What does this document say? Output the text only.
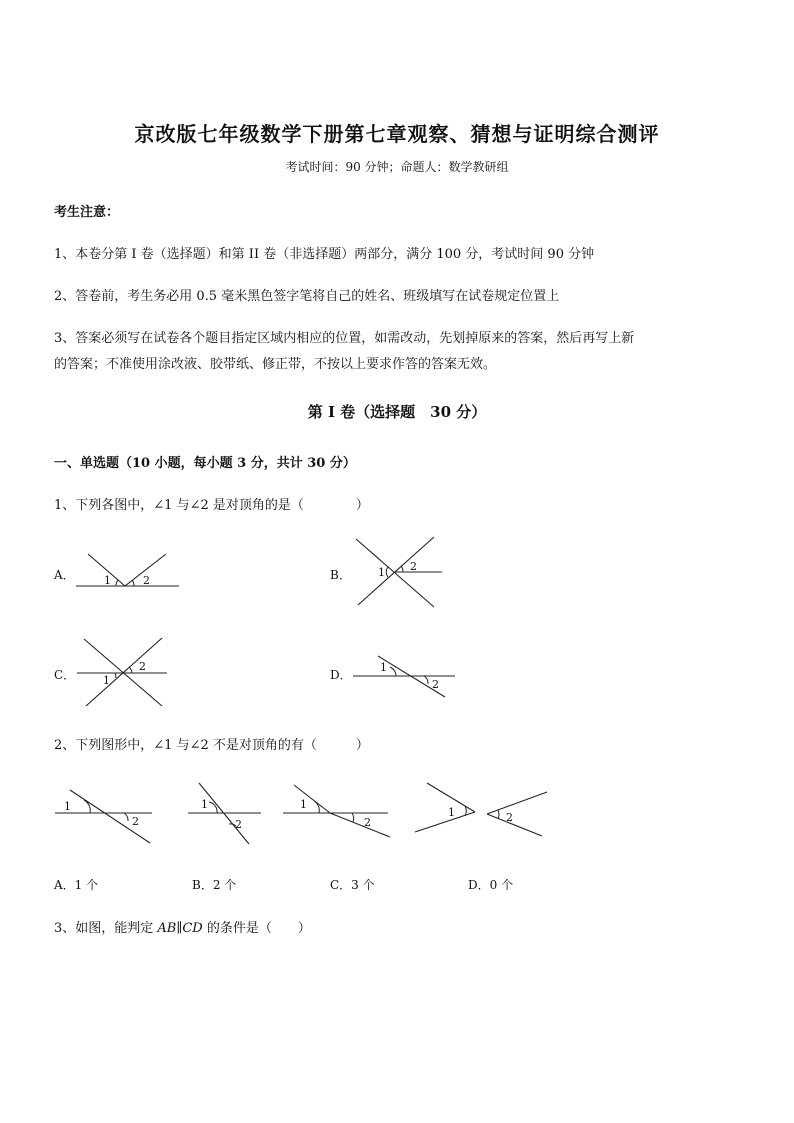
京改版七年级数学下册第七章观察、猜想与证明综合测评
考试时间：90 分钟；命题人：数学教研组
考生注意：
1、本卷分第 I 卷（选择题）和第 II 卷（非选择题）两部分，满分 100 分，考试时间 90 分钟
2、答卷前，考生务必用 0.5 毫米黑色签字笔将自己的姓名、班级填写在试卷规定位置上
3、答案必须写在试卷各个题目指定区域内相应的位置，如需改动，先划掉原来的答案，然后再写上新
的答案；不准使用涂改液、胶带纸、修正带，不按以上要求作答的答案无效。
第 I 卷（选择题　30 分）
一、单选题（10 小题，每小题 3 分，共计 30 分）
1、下列各图中，∠1 与∠2 是对顶角的是（　　　　）
A．	1	2	B． 1 2
C．	1
2
D．
1
2
2、下列图形中，∠1 与∠2 不是对顶角的有（　　　）
1
2
1
2
1
2
1	2
A．1 个	B．2 个	C．3 个	D．0 个
3、如图，能判定 AB∥CD 的条件是（　　）
